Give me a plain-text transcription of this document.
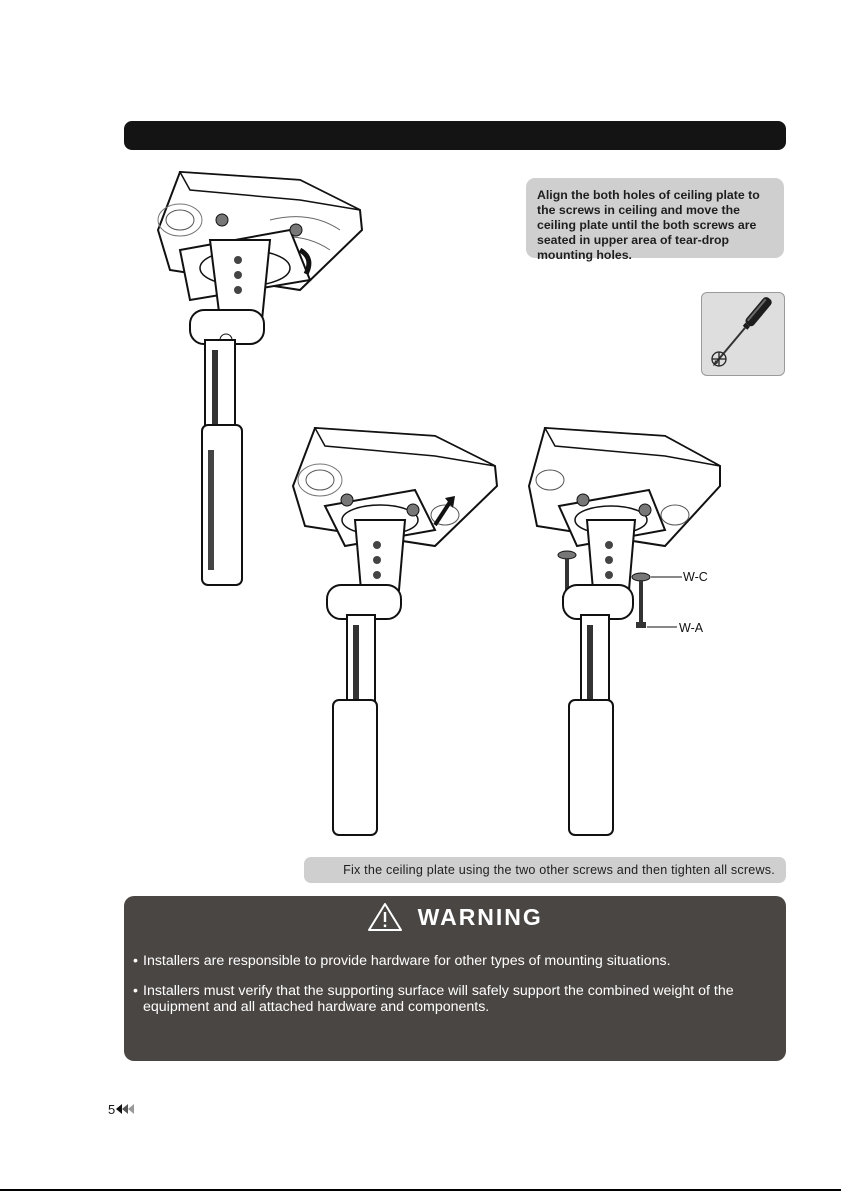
Align the both holes of ceiling plate to the screws in ceiling and move the ceiling plate until the both screws are seated in upper area of tear-drop mounting holes.
W-C
W-A
Fix the ceiling plate using the two other screws and then tighten all screws.
WARNING
• Installers are responsible to provide hardware for other types of mounting situations.
• Installers must verify that the supporting surface will safely support the combined weight of the
equipment and all attached hardware and components.
5
